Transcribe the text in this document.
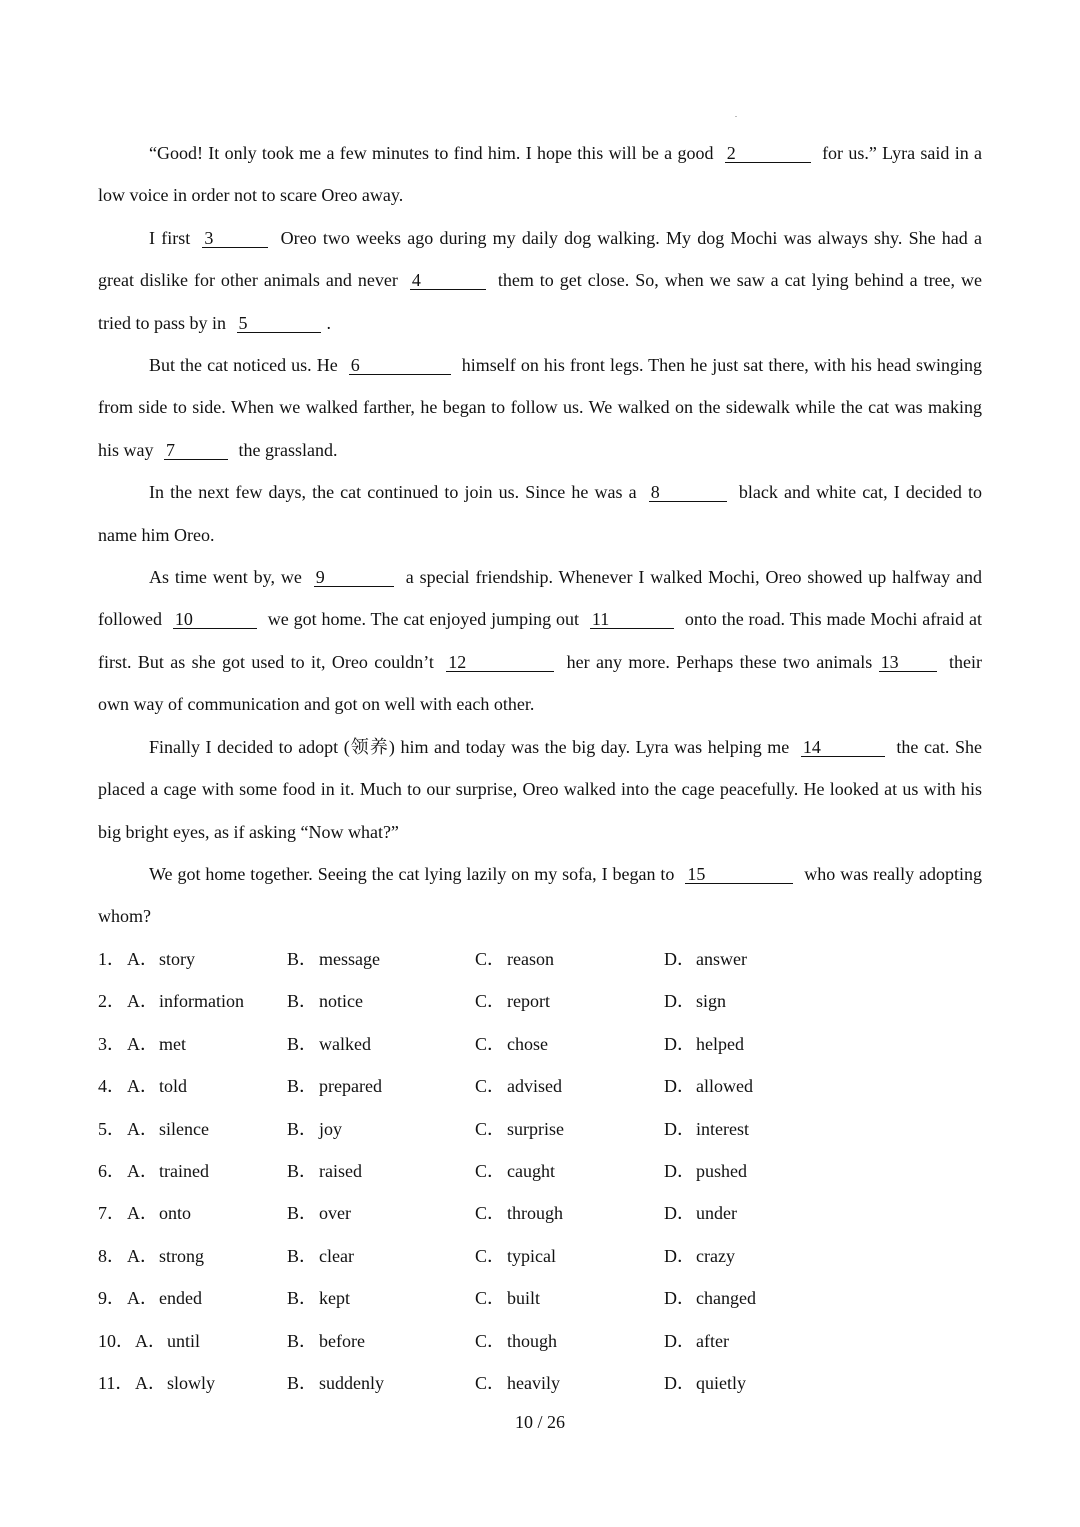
“Good! It only took me a few minutes to find him. I hope this will be a good 2	for us.” Lyra said in a low voice in order not to scare Oreo away.

I first 3	Oreo two weeks ago during my daily dog walking. My dog Mochi was always shy. She had a great dislike for other animals and never 4	them to get close. So, when we saw a cat lying behind a tree, we tried to pass by in 5	.

But the cat noticed us. He 6	himself on his front legs. Then he just sat there, with his head swinging from side to side. When we walked farther, he began to follow us. We walked on the sidewalk while the cat was making his way 7	the grassland.

In the next few days, the cat continued to join us. Since he was a 8	black and white cat, I decided to name him Oreo.

As time went by, we 9	a special friendship. Whenever I walked Mochi, Oreo showed up halfway and followed 10	we got home. The cat enjoyed jumping out 11	onto the road. This made Mochi afraid at first. But as she got used to it, Oreo couldn’t 12	her any more. Perhaps these two animals 13	their own way of communication and got on well with each other.

Finally I decided to adopt (领养) him and today was the big day. Lyra was helping me 14	the cat. She placed a cage with some food in it. Much to our surprise, Oreo walked into the cage peacefully. He looked at us with his big bright eyes, as if asking “Now what?”

We got home together. Seeing the cat lying lazily on my sofa, I began to 15	who was really adopting whom?

1． A．story	B． message	C． reason	D．answer
2． A．information B． notice	C． report	D．sign
3． A．met	B． walked	C． chose	D．helped
4． A．told	B． prepared	C． advised	D．allowed
5． A．silence	B． joy	C． surprise	D．interest
6． A．trained	B． raised	C． caught	D．pushed
7． A．onto	B． over	C． through	D．under
8． A．strong	B． clear	C． typical	D．crazy
9． A．ended	B． kept	C． built	D．changed
10． A．until	B． before	C． though	D．after
11． A．slowly	B． suddenly	C． heavily	D．quietly
10 / 26
